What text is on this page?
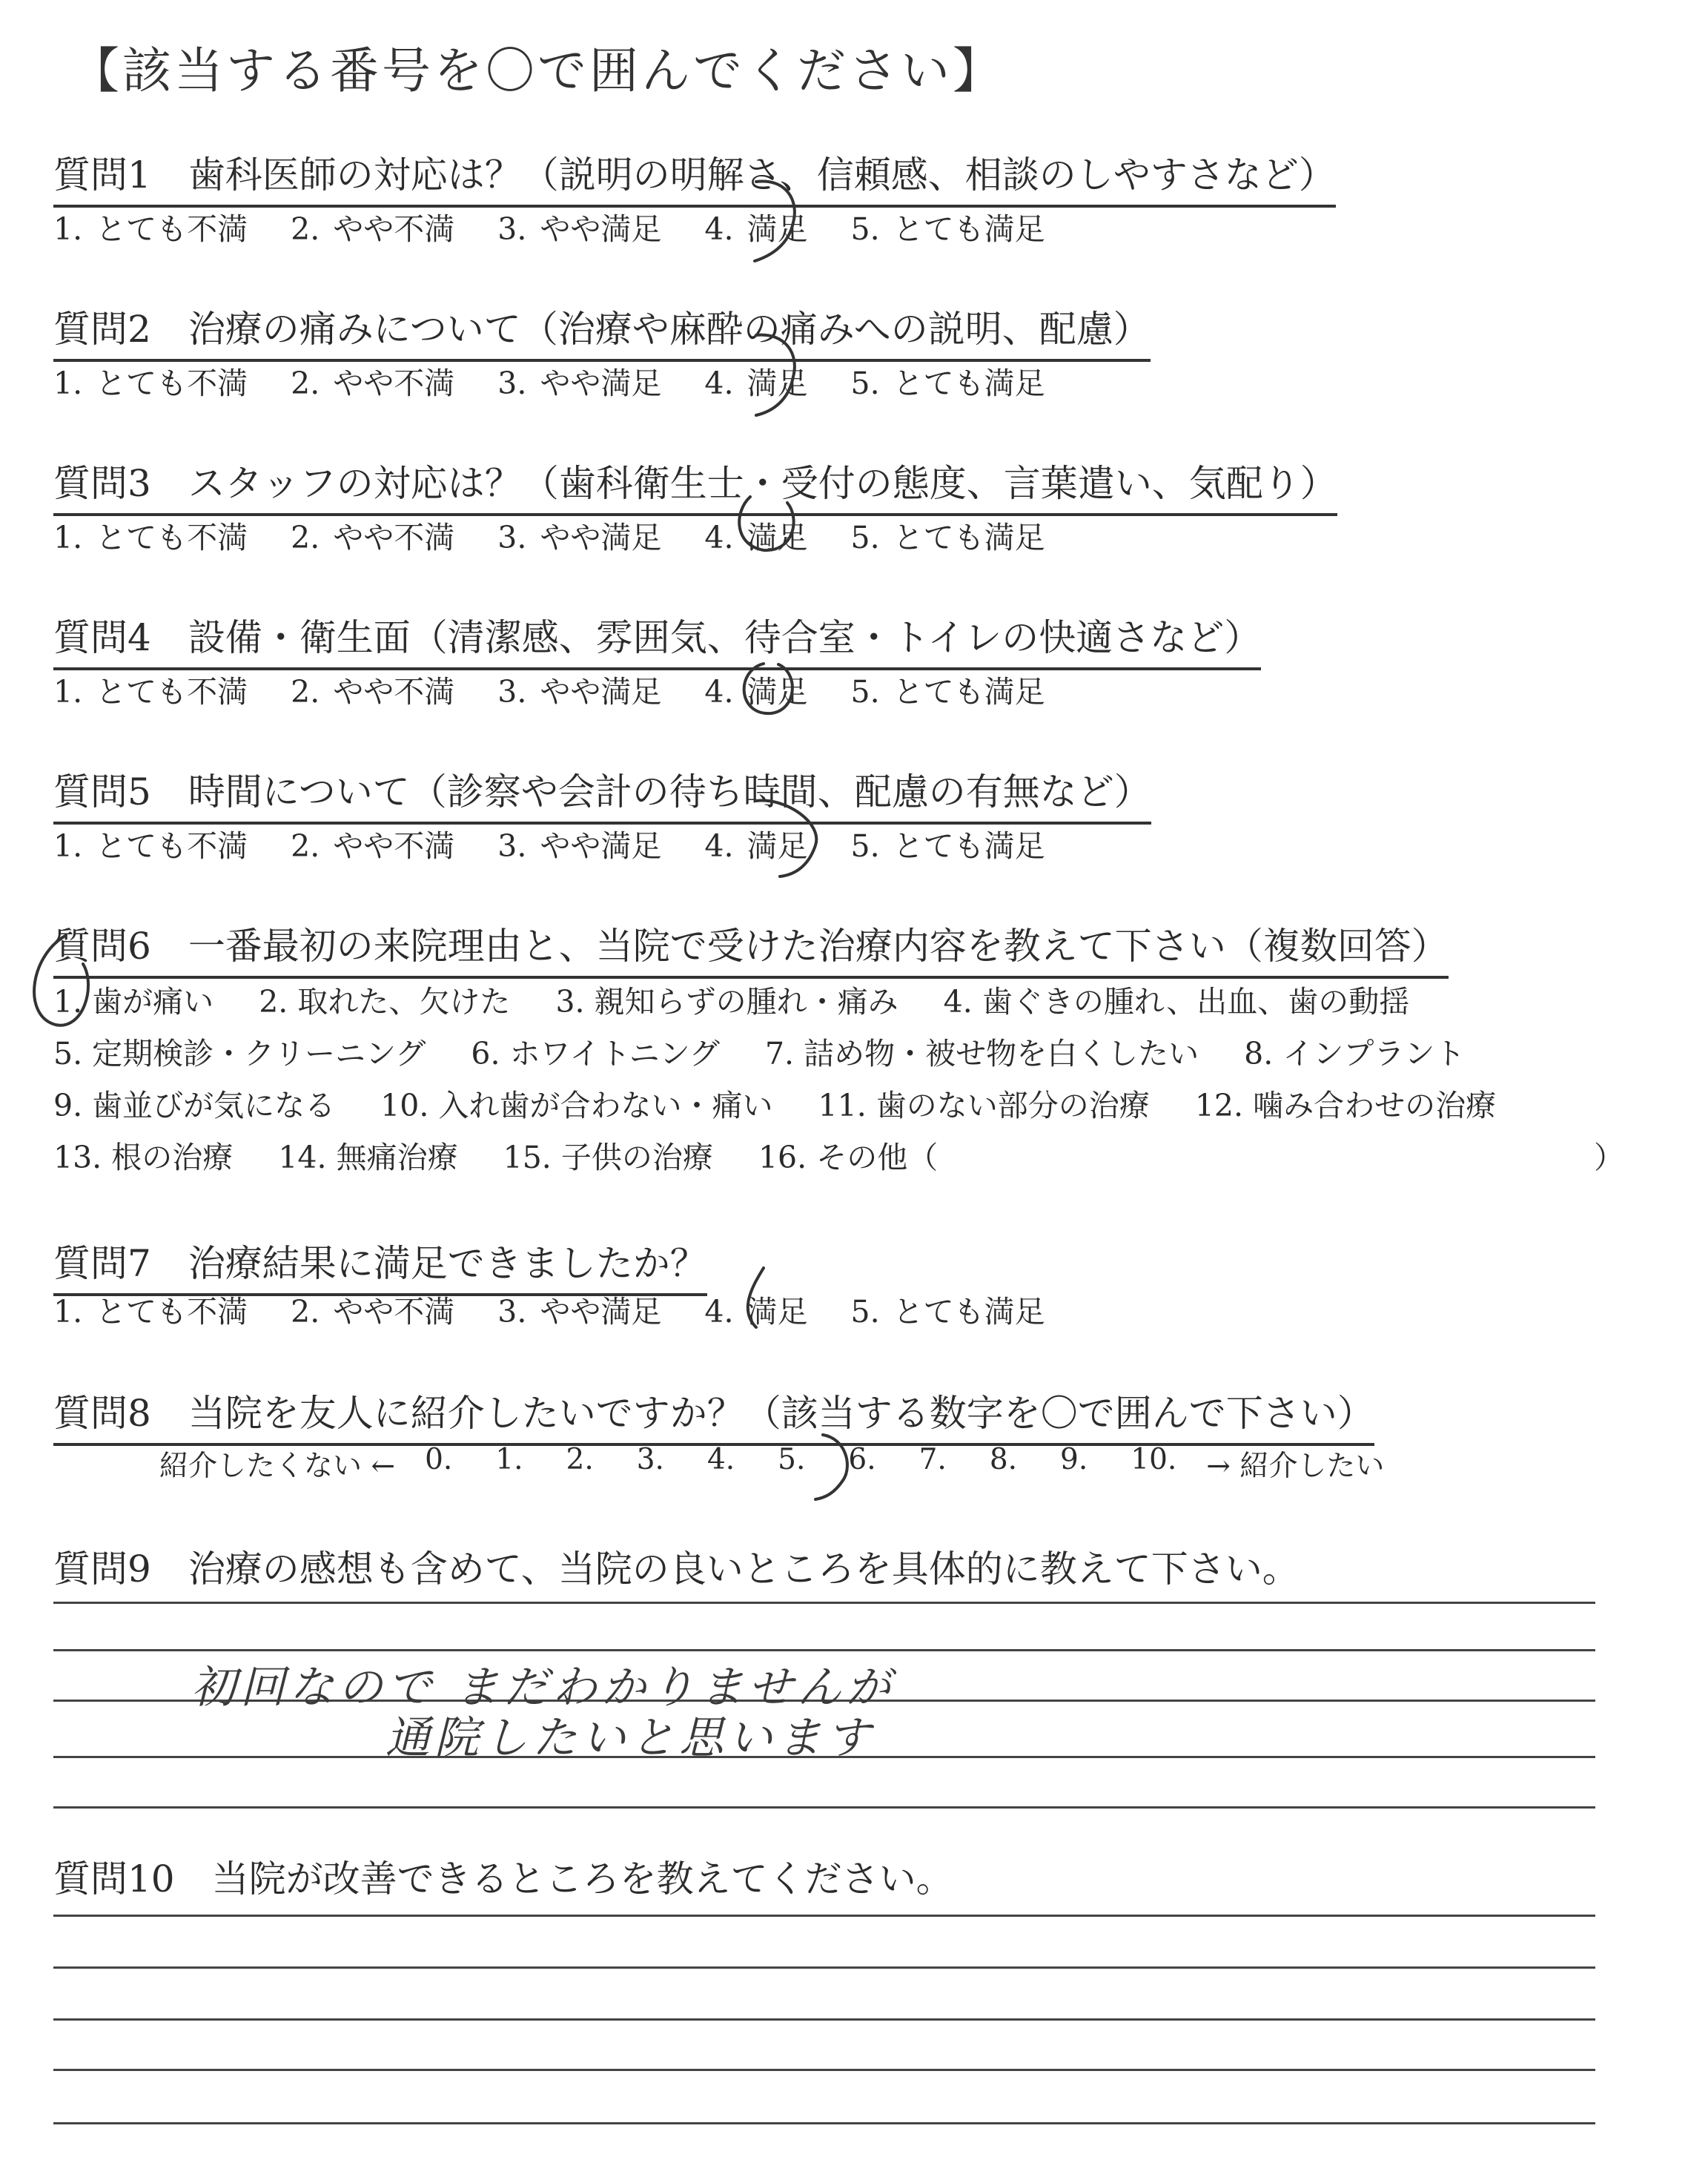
【該当する番号を〇で囲んでください】
質問1 歯科医師の対応は？（説明の明解さ、信頼感、相談のしやすさなど）
1. とても不満 2. やや不満 3. やや満足 4. 満足 5. とても満足
質問2 治療の痛みについて（治療や麻酔の痛みへの説明、配慮）
1. とても不満 2. やや不満 3. やや満足 4. 満足 5. とても満足
質問3 スタッフの対応は？（歯科衛生士・受付の態度、言葉遣い、気配り）
1. とても不満 2. やや不満 3. やや満足 4. 満足 5. とても満足
質問4 設備・衛生面（清潔感、雰囲気、待合室・トイレの快適さなど）
1. とても不満 2. やや不満 3. やや満足 4. 満足 5. とても満足
質問5 時間について（診察や会計の待ち時間、配慮の有無など）
1. とても不満 2. やや不満 3. やや満足 4. 満足 5. とても満足
質問6 一番最初の来院理由と、当院で受けた治療内容を教えて下さい（複数回答）
1. 歯が痛い 2. 取れた、欠けた 3. 親知らずの腫れ・痛み 4. 歯ぐきの腫れ、出血、歯の動揺
5. 定期検診・クリーニング 6. ホワイトニング 7. 詰め物・被せ物を白くしたい 8. インプラント
9. 歯並びが気になる 10. 入れ歯が合わない・痛い 11. 歯のない部分の治療 12. 噛み合わせの治療
13. 根の治療 14. 無痛治療 15. 子供の治療 16. その他（	）
質問7 治療結果に満足できましたか？
1. とても不満 2. やや不満 3. やや満足 4. 満足 5. とても満足
質問8 当院を友人に紹介したいですか？（該当する数字を〇で囲んで下さい）
紹介したくない ← 0. 1. 2. 3. 4. 5. 6. 7. 8. 9. 10. → 紹介したい
質問9 治療の感想も含めて、当院の良いところを具体的に教えて下さい。
初回なので まだわかりませんが
通院したいと思います
質問10 当院が改善できるところを教えてください。
